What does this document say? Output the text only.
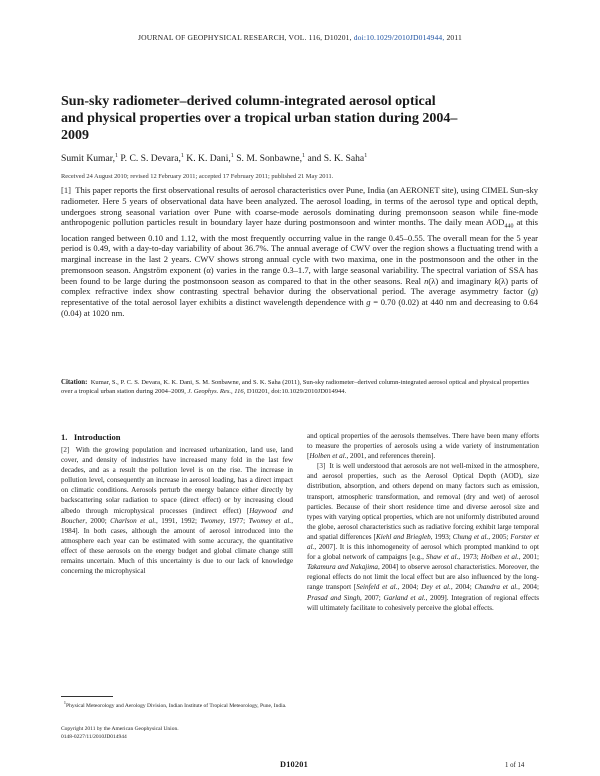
JOURNAL OF GEOPHYSICAL RESEARCH, VOL. 116, D10201, doi:10.1029/2010JD014944, 2011
Sun-sky radiometer–derived column-integrated aerosol optical and physical properties over a tropical urban station during 2004–2009
Sumit Kumar,$^1$ P. C. S. Devara,$^1$ K. K. Dani,$^1$ S. M. Sonbawne,$^1$ and S. K. Saha$^1$
Received 24 August 2010; revised 12 February 2011; accepted 17 February 2011; published 21 May 2011.
[1] This paper reports the first observational results of aerosol characteristics over Pune, India (an AERONET site), using CIMEL Sun-sky radiometer. Here 5 years of observational data have been analyzed. The aerosol loading, in terms of the aerosol type and optical depth, undergoes strong seasonal variation over Pune with coarse-mode aerosols dominating during premonsoon season while fine-mode anthropogenic pollution particles result in boundary layer haze during postmonsoon and winter months. The daily mean $AOD_{440}$ at this location ranged between 0.10 and 1.12, with the most frequently occurring value in the range 0.45–0.55. The overall mean for the 5 year period is 0.49, with a day-to-day variability of about 36.7%. The annual average of CWV over the region shows a fluctuating trend with a marginal increase in the last 2 years. CWV shows strong annual cycle with two maxima, one in the postmonsoon and the other in the premonsoon season. Angström exponent (α) varies in the range 0.3–1.7, with large seasonal variability. The spectral variation of SSA has been found to be large during the postmonsoon season as compared to that in the other seasons. Real n(λ) and imaginary k(λ) parts of complex refractive index show contrasting spectral behavior during the observational period. The average asymmetry factor (g) representative of the total aerosol layer exhibits a distinct wavelength dependence with g = 0.70 (0.02) at 440 nm and decreasing to 0.64 (0.04) at 1020 nm.
Citation: Kumar, S., P. C. S. Devara, K. K. Dani, S. M. Sonbawne, and S. K. Saha (2011), Sun-sky radiometer–derived column-integrated aerosol optical and physical properties over a tropical urban station during 2004–2009, J. Geophys. Res., 116, D10201, doi:10.1029/2010JD014944.
1. Introduction
[2] With the growing population and increased urbanization, land use, land cover, and density of industries have increased many fold in the last few decades, and as a result the pollution level is on the rise. The increase in pollution level, consequently an increase in aerosol loading, has a direct impact on climatic conditions. Aerosols perturb the energy balance either directly by backscattering solar radiation to space (direct effect) or by increasing cloud albedo through microphysical processes (indirect effect) [Haywood and Boucher, 2000; Charlson et al., 1991, 1992; Twomey, 1977; Twomey et al., 1984]. In both cases, although the amount of aerosol introduced into the atmosphere each year can be estimated with some accuracy, the quantitative effect of these aerosols on the energy budget and global climate change still remains uncertain. Much of this uncertainty is due to our lack of knowledge concerning the microphysical
and optical properties of the aerosols themselves. There have been many efforts to measure the properties of aerosols using a wide variety of instrumentation [Holben et al., 2001, and references therein].
[3] It is well understood that aerosols are not well-mixed in the atmosphere, and aerosol properties, such as the Aerosol Optical Depth (AOD), size distribution, absorption, and others depend on many factors such as emission, transport, atmospheric transformation, and removal (dry and wet) of aerosol particles. Because of their short residence time and diverse aerosol size and types with varying optical properties, which are not uniformly distributed around the globe, aerosol characteristics such as radiative forcing exhibit large temporal and spatial differences [Kiehl and Briegleb, 1993; Chung et al., 2005; Forster et al., 2007]. It is this inhomogeneity of aerosol which prompted mankind to opt for a global network of campaigns [e.g., Shaw et al., 1973; Holben et al., 2001; Takamura and Nakajima, 2004] to observe aerosol characteristics. Moreover, the regional effects do not limit the local effect but are also influenced by the long-range transport [Seinfeld et al., 2004; Dey et al., 2004; Chandra et al., 2004; Prasad and Singh, 2007; Garland et al., 2009]. Integration of regional effects will ultimately facilitate to cohesively perceive the global effects.
$^1$Physical Meteorology and Aerology Division, Indian Institute of Tropical Meteorology, Pune, India.
Copyright 2011 by the American Geophysical Union.
0148-0227/11/2010JD014944
D10201	1 of 14
